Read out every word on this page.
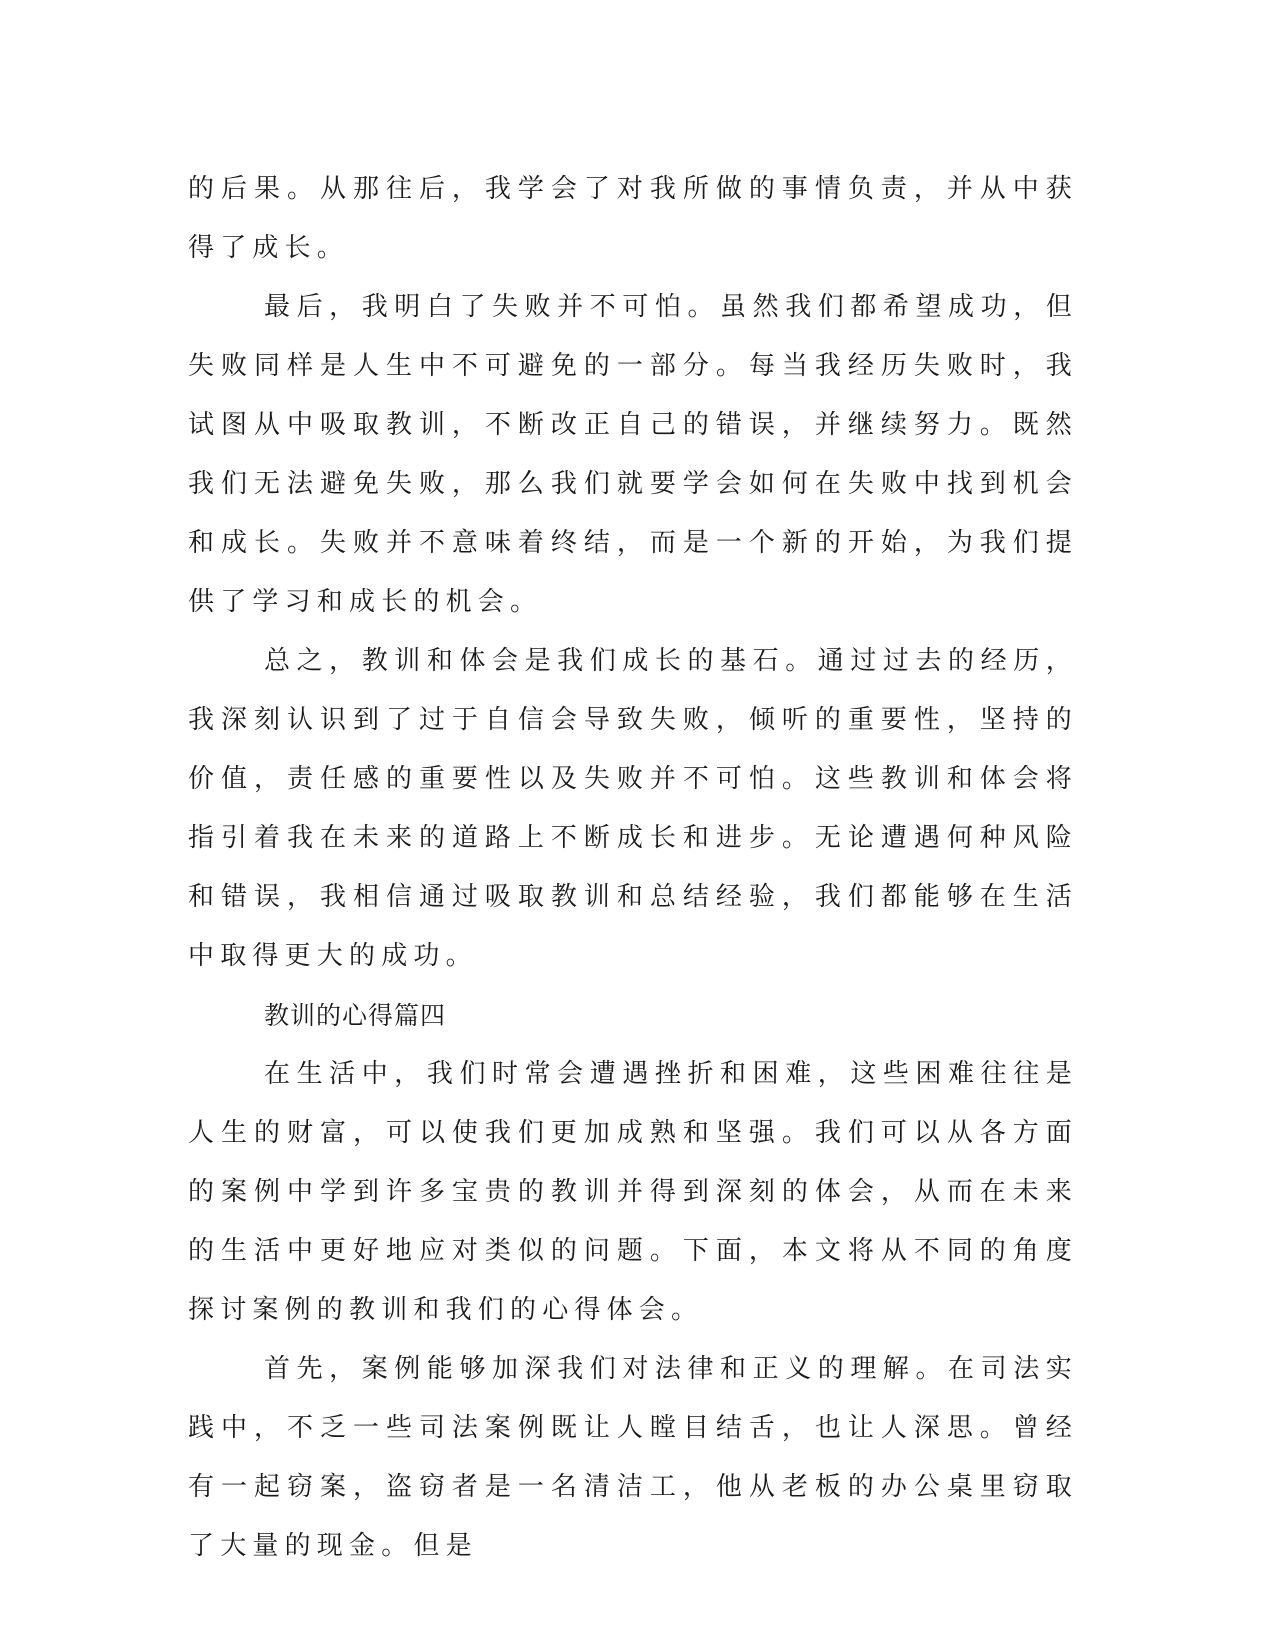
的后果。从那往后，我学会了对我所做的事情负责，并从中获得了成长。

最后，我明白了失败并不可怕。虽然我们都希望成功，但失败同样是人生中不可避免的一部分。每当我经历失败时，我试图从中吸取教训，不断改正自己的错误，并继续努力。既然我们无法避免失败，那么我们就要学会如何在失败中找到机会和成长。失败并不意味着终结，而是一个新的开始，为我们提供了学习和成长的机会。

总之，教训和体会是我们成长的基石。通过过去的经历，我深刻认识到了过于自信会导致失败，倾听的重要性，坚持的价值，责任感的重要性以及失败并不可怕。这些教训和体会将指引着我在未来的道路上不断成长和进步。无论遭遇何种风险和错误，我相信通过吸取教训和总结经验，我们都能够在生活中取得更大的成功。

教训的心得篇四

在生活中，我们时常会遭遇挫折和困难，这些困难往往是人生的财富，可以使我们更加成熟和坚强。我们可以从各方面的案例中学到许多宝贵的教训并得到深刻的体会，从而在未来的生活中更好地应对类似的问题。下面，本文将从不同的角度探讨案例的教训和我们的心得体会。

首先，案例能够加深我们对法律和正义的理解。在司法实践中，不乏一些司法案例既让人瞠目结舌，也让人深思。曾经有一起窃案，盗窃者是一名清洁工，他从老板的办公桌里窃取了大量的现金。但是
